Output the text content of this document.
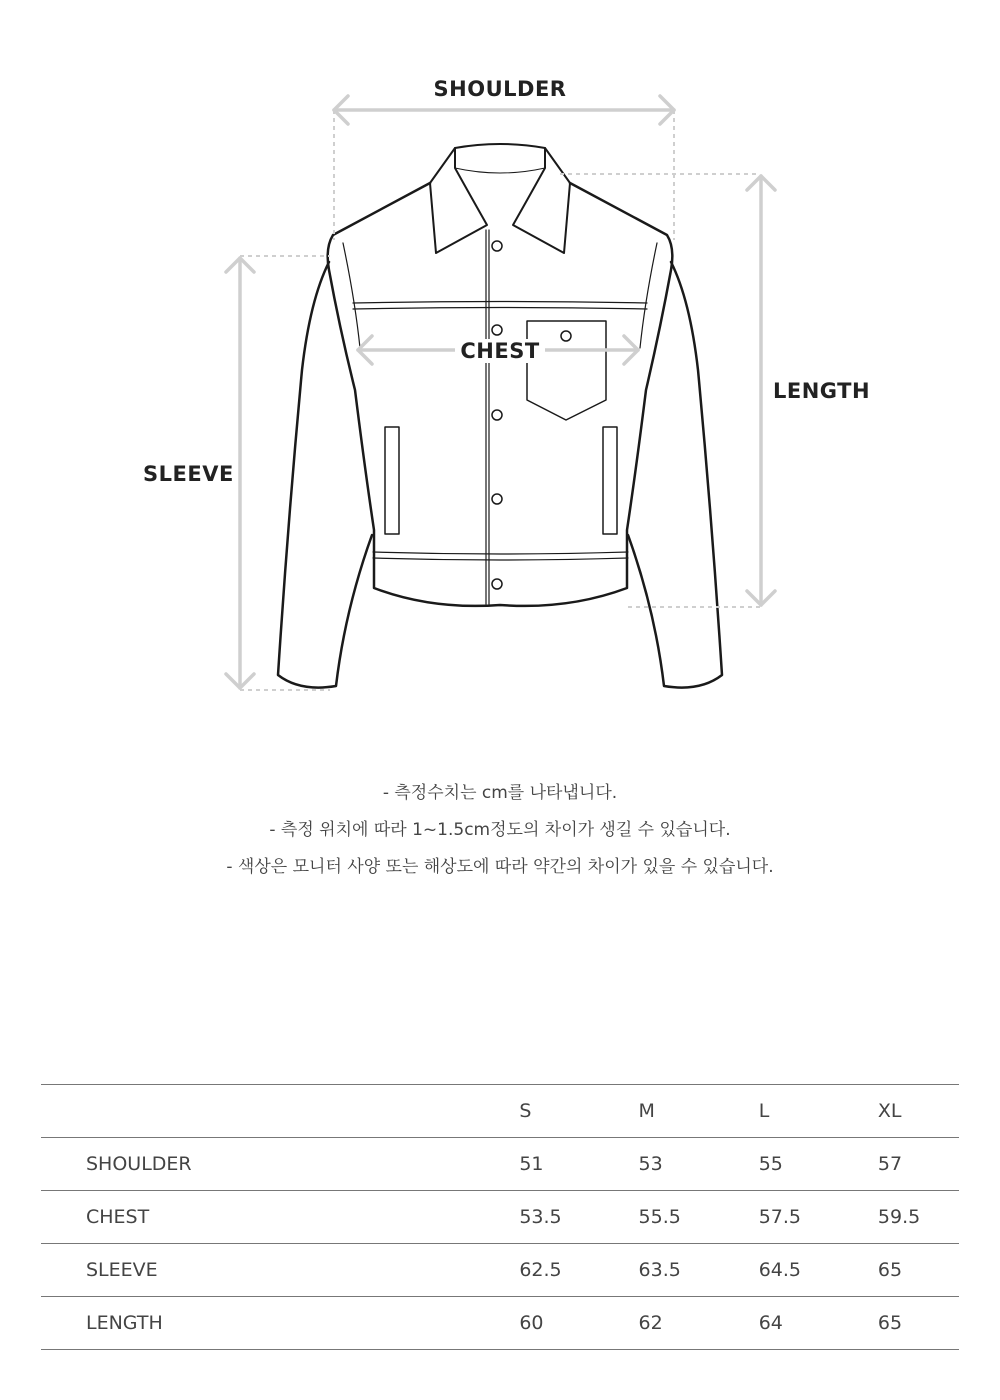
SHOULDER
CHEST
LENGTH
SLEEVE
- 측정수치는 cm를 나타냅니다.
- 측정 위치에 따라 1~1.5cm정도의 차이가 생길 수 있습니다.
- 색상은 모니터 사양 또는 해상도에 따라 약간의 차이가 있을 수 있습니다.
	S	M	L	XL
SHOULDER	51	53	55	57
CHEST	53.5	55.5	57.5	59.5
SLEEVE	62.5	63.5	64.5	65
LENGTH	60	62	64	65
